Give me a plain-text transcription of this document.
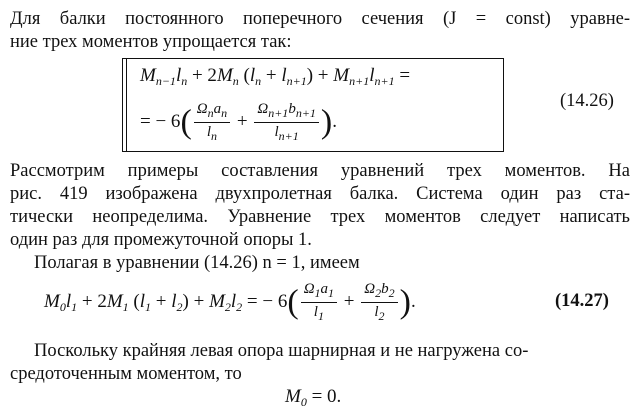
Для балки постоянного поперечного сечения (J = const) уравне-
ние трех моментов упрощается так:
$M_{n-1}l_n + 2M_n$ $(l_n + l_{n+1}) + M_{n+1}l_{n+1}$ =
= − $6( \frac{\Omega_na_n}{l_n} + \frac{\Omega_{n+1}b_{n+1}}{l_{n+1}}$ ).
(14.26)
Рассмотрим примеры составления уравнений трех моментов. На
рис. 419 изображена двухпролетная балка. Система один раз ста-
тически неопределима. Уравнение трех моментов следует написать
один раз для промежуточной опоры 1.
Полагая в уравнении (14.26) n = 1, имеем
$M_0l_1 + 2M_1$ $(l_1 + l_2) + M_2l_2$ = − $6( \frac{\Omega_1a_1}{l_1} + \frac{\Omega_2b_2}{l_2}$ ).	(14.27)
Поскольку крайняя левая опора шарнирная и не нагружена со-
средоточенным моментом, то
$M_0 = 0$.
